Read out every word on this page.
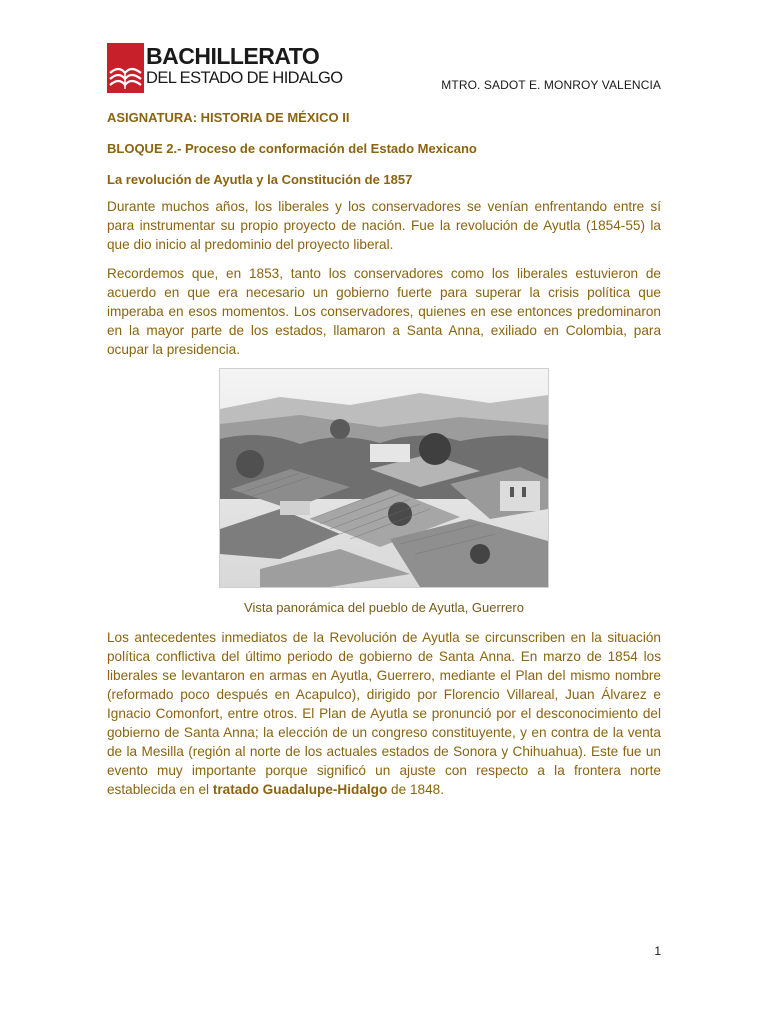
BACHILLERATO
DEL ESTADO DE HIDALGO	MTRO. SADOT E. MONROY VALENCIA
ASIGNATURA: HISTORIA DE MÉXICO II
BLOQUE 2.- Proceso de conformación del Estado Mexicano
La revolución de Ayutla y la Constitución de 1857

Durante muchos años, los liberales y los conservadores se venían enfrentando entre sí para instrumentar su propio proyecto de nación. Fue la revolución de Ayutla (1854-55) la que dio inicio al predominio del proyecto liberal.

Recordemos que, en 1853, tanto los conservadores como los liberales estuvieron de acuerdo en que era necesario un gobierno fuerte para superar la crisis política que imperaba en esos momentos. Los conservadores, quienes en ese entonces predominaron en la mayor parte de los estados, llamaron a Santa Anna, exiliado en Colombia, para ocupar la presidencia.

Vista panorámica del pueblo de Ayutla, Guerrero

Los antecedentes inmediatos de la Revolución de Ayutla se circunscriben en la situación política conflictiva del último periodo de gobierno de Santa Anna. En marzo de 1854 los liberales se levantaron en armas en Ayutla, Guerrero, mediante el Plan del mismo nombre (reformado poco después en Acapulco), dirigido por Florencio Villareal, Juan Álvarez e Ignacio Comonfort, entre otros. El Plan de Ayutla se pronunció por el desconocimiento del gobierno de Santa Anna; la elección de un congreso constituyente, y en contra de la venta de la Mesilla (región al norte de los actuales estados de Sonora y Chihuahua). Este fue un evento muy importante porque significó un ajuste con respecto a la frontera norte establecida en el tratado Guadalupe-Hidalgo de 1848.

1
